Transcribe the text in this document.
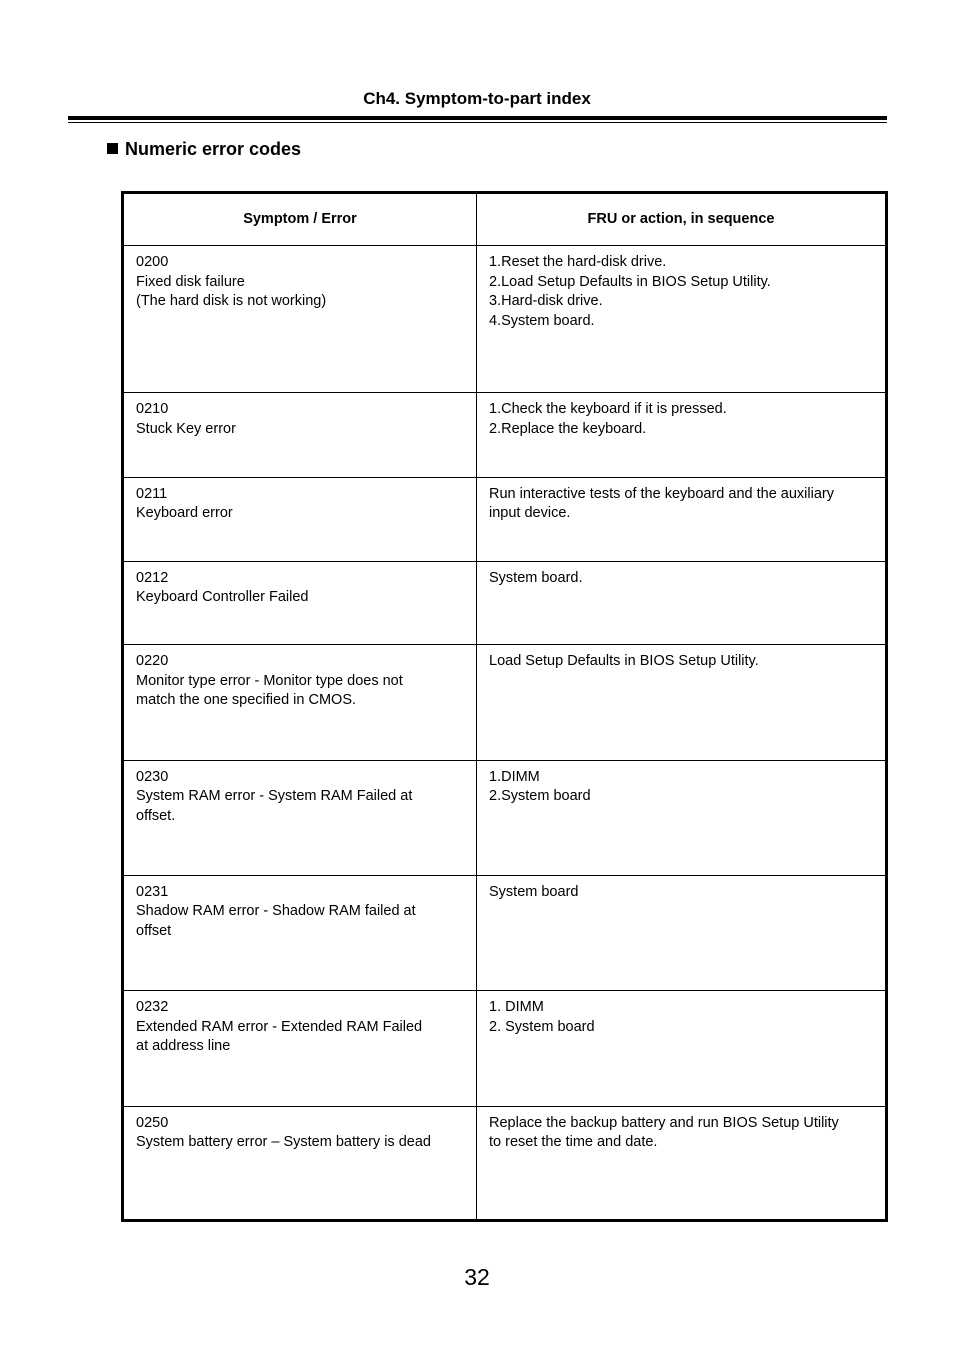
Ch4. Symptom-to-part index
Numeric error codes
Symptom / Error	FRU or action, in sequence

0200
Fixed disk failure
(The hard disk is not working)	1.Reset the hard-disk drive.
2.Load Setup Defaults in BIOS Setup Utility.
3.Hard-disk drive.
4.System board.

0210
Stuck Key error	1.Check the keyboard if it is pressed.
2.Replace the keyboard.

0211
Keyboard error	Run interactive tests of the keyboard and the auxiliary
input device.

0212
Keyboard Controller Failed	System board.

0220
Monitor type error - Monitor type does not
match the one specified in CMOS.	Load Setup Defaults in BIOS Setup Utility.

0230
System RAM error - System RAM Failed at
offset.	1.DIMM
2.System board

0231
Shadow RAM error - Shadow RAM failed at
offset	System board

0232
Extended RAM error - Extended RAM Failed
at address line	1. DIMM
2. System board

0250
System battery error – System battery is dead	Replace the backup battery and run BIOS Setup Utility
to reset the time and date.
32
